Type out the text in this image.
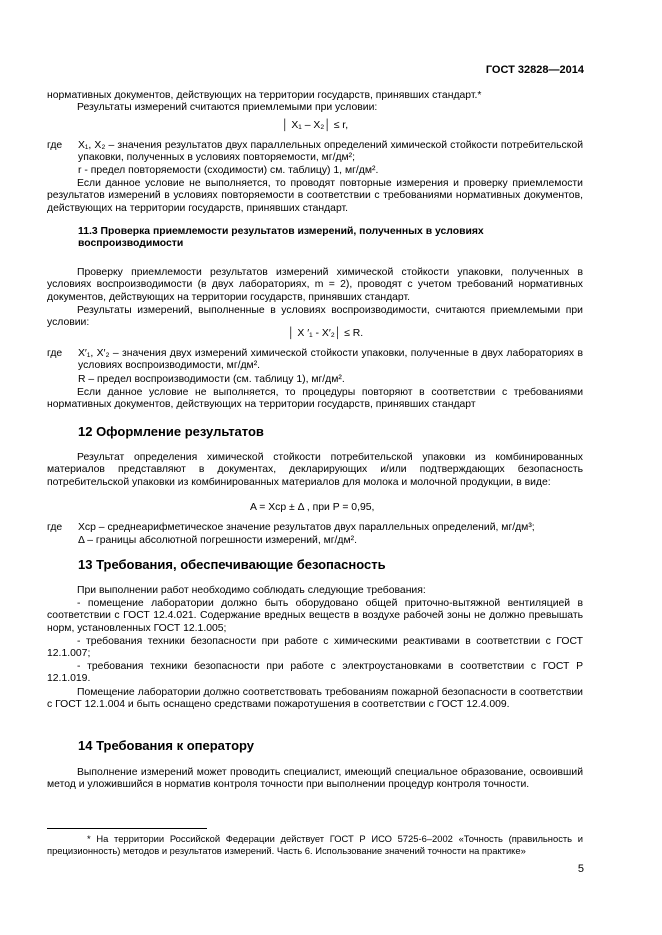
ГОСТ 32828—2014
нормативных документов, действующих на территории государств, принявших стандарт.*
Результаты измерений считаются приемлемыми при условии:
│ X₁ – X₂│ ≤ r,
где X₁, X₂ – значения результатов двух параллельных определений химической стойкости потребительской упаковки, полученных в условиях повторяемости, мг/дм²;
r - предел повторяемости (сходимости) см. таблицу) 1, мг/дм².
Если данное условие не выполняется, то проводят повторные измерения и проверку приемлемости результатов измерений в условиях повторяемости в соответствии с требованиями нормативных документов, действующих на территории государств, принявших стандарт.
11.3 Проверка приемлемости результатов измерений, полученных в условиях воспроизводимости
Проверку приемлемости результатов измерений химической стойкости упаковки, полученных в условиях воспроизводимости (в двух лабораториях, m = 2), проводят с учетом требований нормативных документов, действующих на территории государств, принявших стандарт.
Результаты измерений, выполненные в условиях воспроизводимости, считаются приемлемыми при условии:
│ X ′₁ - X′₂│ ≤ R.
где X′₁, X′₂ – значения двух измерений химической стойкости упаковки, полученные в двух лабораториях в условиях воспроизводимости, мг/дм².
R – предел воспроизводимости (см. таблицу 1), мг/дм².
Если данное условие не выполняется, то процедуры повторяют в соответствии с требованиями нормативных документов, действующих на территории государств, принявших стандарт
12 Оформление результатов
Результат определения химической стойкости потребительской упаковки из комбинированных материалов представляют в документах, декларирующих и/или подтверждающих безопасность потребительской упаковки из комбинированных материалов для молока и молочной продукции, в виде:
A = Xср ± Δ , при P = 0,95,
где Xср – среднеарифметическое значение результатов двух параллельных определений, мг/дм³;
Δ – границы абсолютной погрешности измерений, мг/дм².
13 Требования, обеспечивающие безопасность
При выполнении работ необходимо соблюдать следующие требования:
- помещение лаборатории должно быть оборудовано общей приточно-вытяжной вентиляцией в соответствии с ГОСТ 12.4.021. Содержание вредных веществ в воздухе рабочей зоны не должно превышать норм, установленных ГОСТ 12.1.005;
- требования техники безопасности при работе с химическими реактивами в соответствии с ГОСТ 12.1.007;
- требования техники безопасности при работе с электроустановками в соответствии с ГОСТ Р 12.1.019.
Помещение лаборатории должно соответствовать требованиям пожарной безопасности в соответствии с ГОСТ 12.1.004 и быть оснащено средствами пожаротушения в соответствии с ГОСТ 12.4.009.
14 Требования к оператору
Выполнение измерений может проводить специалист, имеющий специальное образование, освоивший метод и уложившийся в норматив контроля точности при выполнении процедур контроля точности.
* На территории Российской Федерации действует ГОСТ Р ИСО 5725-6–2002 «Точность (правильность и прецизионность) методов и результатов измерений. Часть 6. Использование значений точности на практике»
5
